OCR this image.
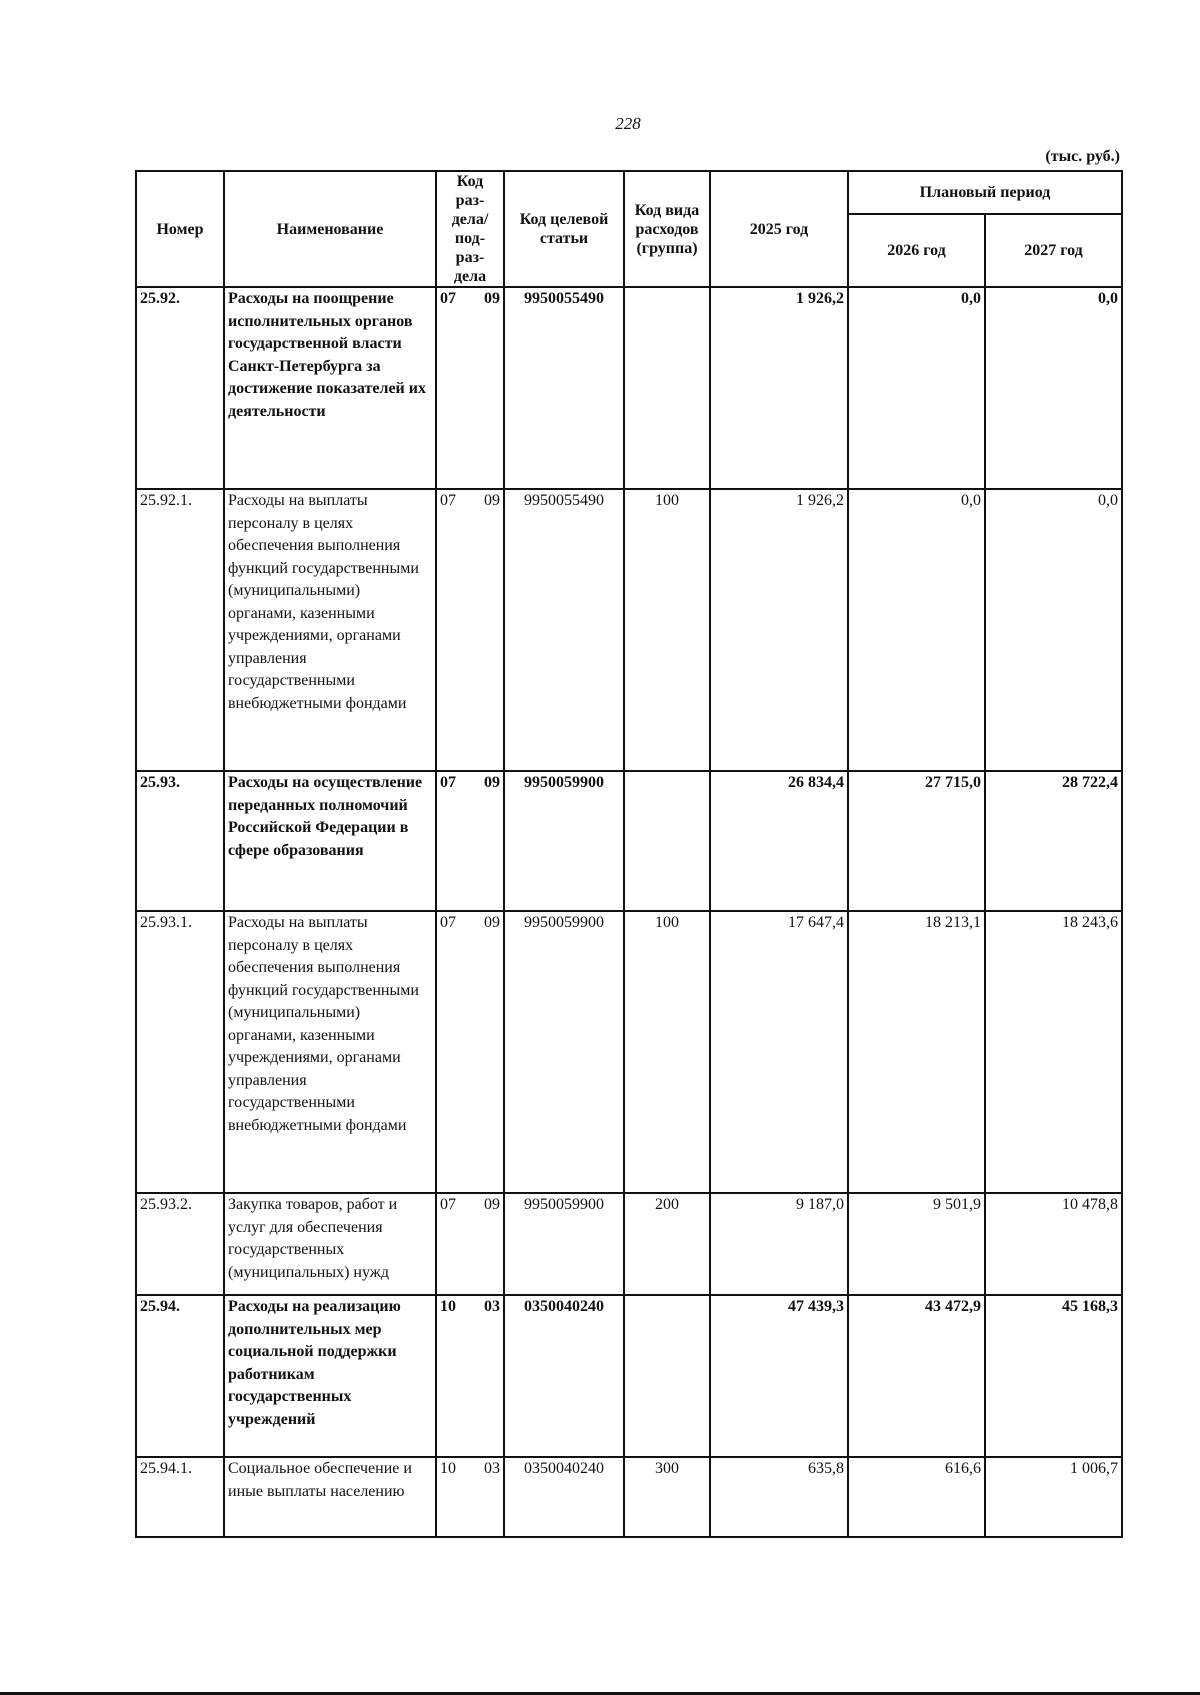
228
(тыс. руб.)
Номер	Наименование	Код раз- дела/ под- раз- дела	Код целевой статьи	Код вида расходов (группа)	2025 год	Плановый период	
						2026 год	2027 год
25.92.	Расходы на поощрение исполнительных органов государственной власти Санкт-Петербурга за достижение показателей их деятельности	07 09	9950055490		1 926,2	0,0	0,0
25.92.1.	Расходы на выплаты персоналу в целях обеспечения выполнения функций государственными (муниципальными) органами, казенными учреждениями, органами управления государственными внебюджетными фондами	07 09	9950055490	100	1 926,2	0,0	0,0
25.93.	Расходы на осуществление переданных полномочий Российской Федерации в сфере образования	07 09	9950059900		26 834,4	27 715,0	28 722,4
25.93.1.	Расходы на выплаты персоналу в целях обеспечения выполнения функций государственными (муниципальными) органами, казенными учреждениями, органами управления государственными внебюджетными фондами	07 09	9950059900	100	17 647,4	18 213,1	18 243,6
25.93.2.	Закупка товаров, работ и услуг для обеспечения государственных (муниципальных) нужд	07 09	9950059900	200	9 187,0	9 501,9	10 478,8
25.94.	Расходы на реализацию дополнительных мер социальной поддержки работникам государственных учреждений	10 03	0350040240		47 439,3	43 472,9	45 168,3
25.94.1.	Социальное обеспечение и иные выплаты населению	10 03	0350040240	300	635,8	616,6	1 006,7
